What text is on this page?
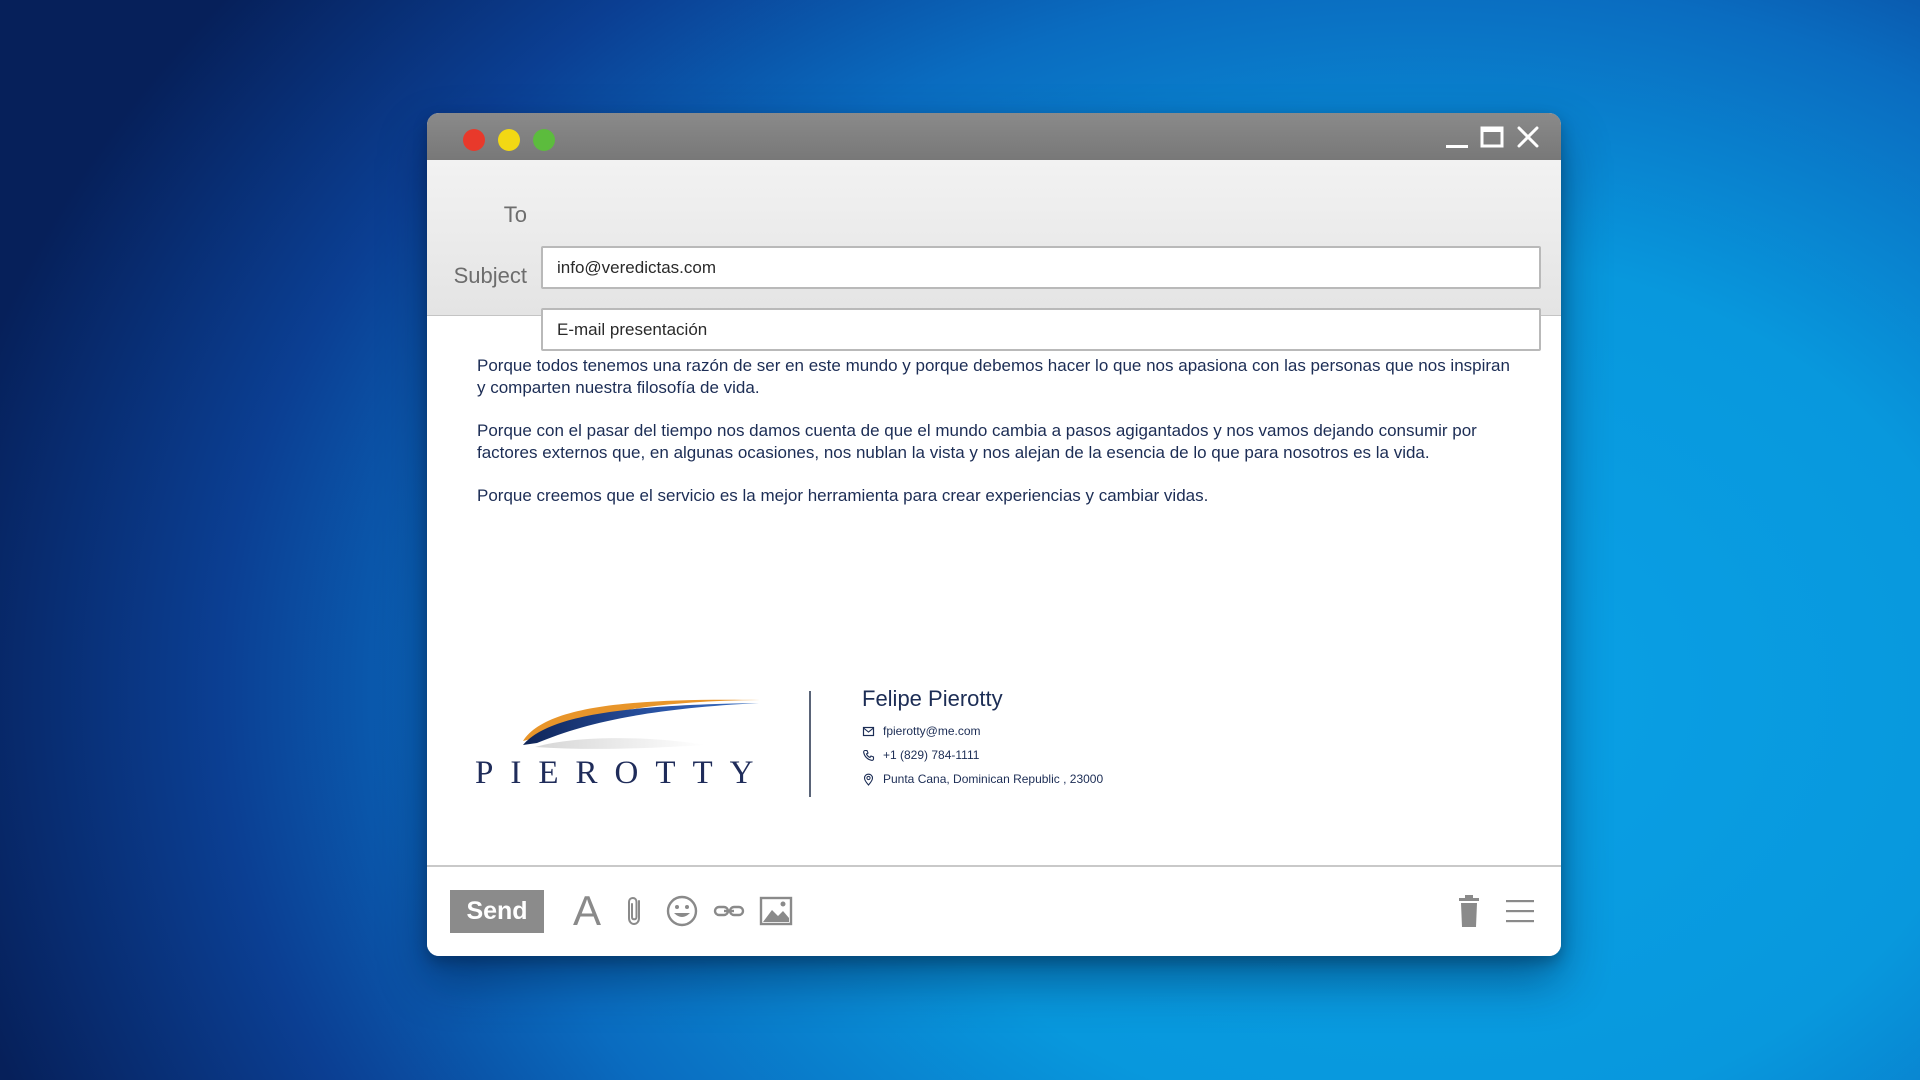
To
info@veredictas.com
Subject
E-mail presentación

Porque todos tenemos una razón de ser en este mundo y porque debemos hacer lo que nos apasiona con las personas que nos inspiran y comparten nuestra filosofía de vida.

Porque con el pasar del tiempo nos damos cuenta de que el mundo cambia a pasos agigantados y nos vamos dejando consumir por factores externos que, en algunas ocasiones, nos nublan la vista y nos alejan de la esencia de lo que para nosotros es la vida.

Porque creemos que el servicio es la mejor herramienta para crear experiencias y cambiar vidas.

PIEROTTY
Felipe Pierotty
fpierotty@me.com
+1 (829) 784-1111
Punta Cana, Dominican Republic , 23000
Send	A
